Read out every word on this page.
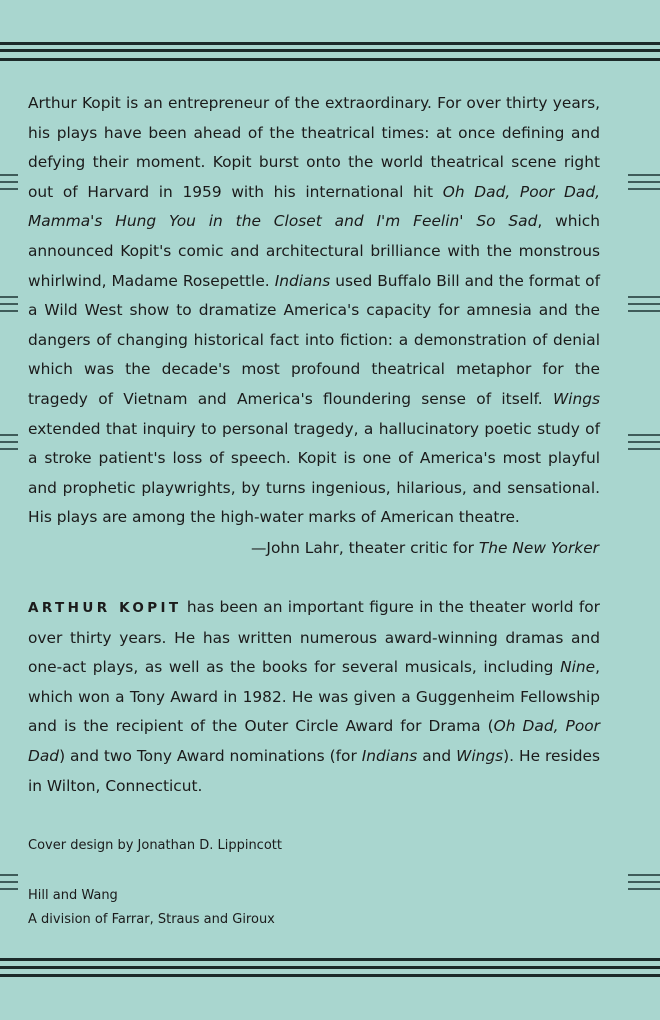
Arthur Kopit is an entrepreneur of the extraordinary. For over thirty years, his plays have been ahead of the theatrical times: at once defining and defying their moment. Kopit burst onto the world theatrical scene right out of Harvard in 1959 with his international hit Oh Dad, Poor Dad, Mamma's Hung You in the Closet and I'm Feelin' So Sad, which announced Kopit's comic and architectural brilliance with the monstrous whirlwind, Madame Rosepettle. Indians used Buffalo Bill and the format of a Wild West show to dramatize America's capacity for amnesia and the dangers of changing historical fact into fiction: a demonstration of denial which was the decade's most profound theatrical metaphor for the tragedy of Vietnam and America's floundering sense of itself. Wings extended that inquiry to personal tragedy, a hallucinatory poetic study of a stroke patient's loss of speech. Kopit is one of America's most playful and prophetic playwrights, by turns ingenious, hilarious, and sensational. His plays are among the high-water marks of American theatre.

—John Lahr, theater critic for The New Yorker

ARTHUR KOPIT has been an important figure in the theater world for over thirty years. He has written numerous award-winning dramas and one-act plays, as well as the books for several musicals, including Nine, which won a Tony Award in 1982. He was given a Guggenheim Fellowship and is the recipient of the Outer Circle Award for Drama (Oh Dad, Poor Dad) and two Tony Award nominations (for Indians and Wings). He resides in Wilton, Connecticut.

Cover design by Jonathan D. Lippincott
Hill and Wang
A division of Farrar, Straus and Giroux
